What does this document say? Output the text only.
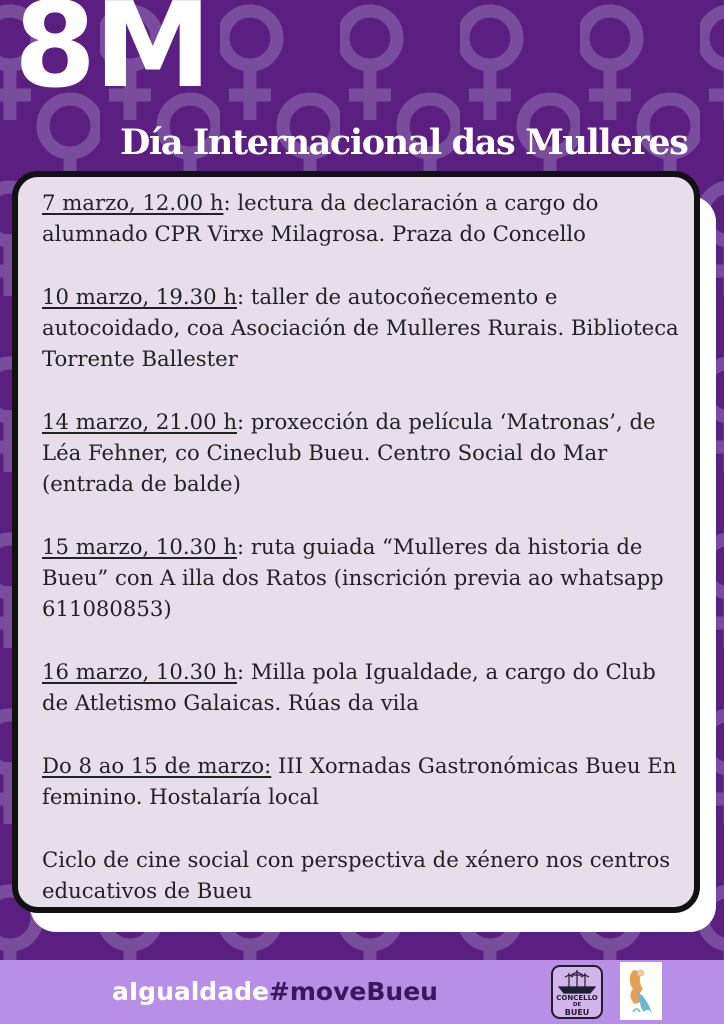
8M
Día Internacional das Mulleres

7 marzo, 12.00 h: lectura da declaración a cargo do alumnado CPR Virxe Milagrosa. Praza do Concello

10 marzo, 19.30 h: taller de autocoñecemento e autocoidado, coa Asociación de Mulleres Rurais. Biblioteca Torrente Ballester

14 marzo, 21.00 h: proxección da película ‘Matronas’, de Léa Fehner, co Cineclub Bueu. Centro Social do Mar (entrada de balde)

15 marzo, 10.30 h: ruta guiada “Mulleres da historia de Bueu” con A illa dos Ratos (inscrición previa ao whatsapp 611080853)

16 marzo, 10.30 h: Milla pola Igualdade, a cargo do Club de Atletismo Galaicas. Rúas da vila

Do 8 ao 15 de marzo: III Xornadas Gastronómicas Bueu En feminino. Hostalaría local

Ciclo de cine social con perspectiva de xénero nos centros educativos de Bueu

aIgualdade#moveBueu	CONCELLO
DE
BUEU
